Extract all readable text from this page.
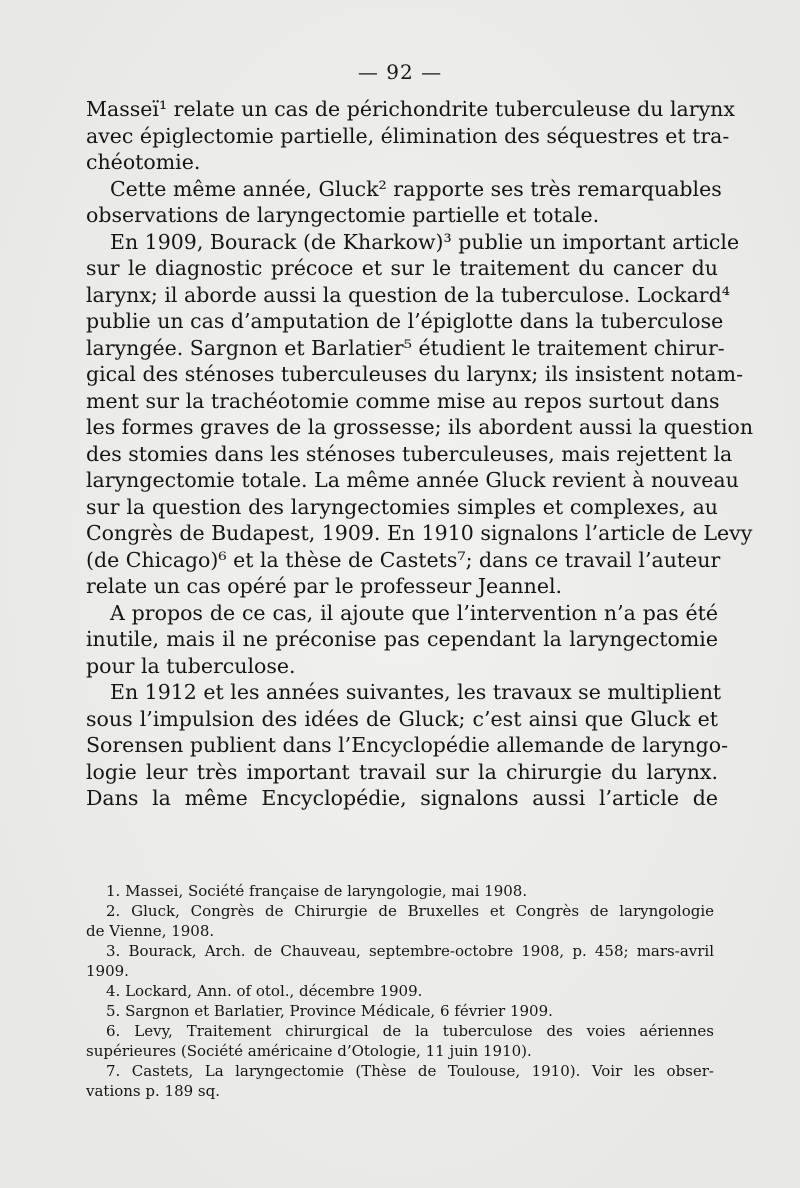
— 92 —
Masseï¹ relate un cas de périchondrite tuberculeuse du larynx
avec épiglectomie partielle, élimination des séquestres et tra-
chéotomie.
Cette même année, Gluck² rapporte ses très remarquables
observations de laryngectomie partielle et totale.
En 1909, Bourack (de Kharkow)³ publie un important article
sur le diagnostic précoce et sur le traitement du cancer du
larynx; il aborde aussi la question de la tuberculose. Lockard⁴
publie un cas d’amputation de l’épiglotte dans la tuberculose
laryngée. Sargnon et Barlatier⁵ étudient le traitement chirur-
gical des sténoses tuberculeuses du larynx; ils insistent notam-
ment sur la trachéotomie comme mise au repos surtout dans
les formes graves de la grossesse; ils abordent aussi la question
des stomies dans les sténoses tuberculeuses, mais rejettent la
laryngectomie totale. La même année Gluck revient à nouveau
sur la question des laryngectomies simples et complexes, au
Congrès de Budapest, 1909. En 1910 signalons l’article de Levy
(de Chicago)⁶ et la thèse de Castets⁷; dans ce travail l’auteur
relate un cas opéré par le professeur Jeannel.
A propos de ce cas, il ajoute que l’intervention n’a pas été
inutile, mais il ne préconise pas cependant la laryngectomie
pour la tuberculose.
En 1912 et les années suivantes, les travaux se multiplient
sous l’impulsion des idées de Gluck; c’est ainsi que Gluck et
Sorensen publient dans l’Encyclopédie allemande de laryngo-
logie leur très important travail sur la chirurgie du larynx.
Dans la même Encyclopédie, signalons aussi l’article de
1. Massei, Société française de laryngologie, mai 1908.
2. Gluck, Congrès de Chirurgie de Bruxelles et Congrès de laryngologie
de Vienne, 1908.
3. Bourack, Arch. de Chauveau, septembre-octobre 1908, p. 458; mars-avril
1909.
4. Lockard, Ann. of otol., décembre 1909.
5. Sargnon et Barlatier, Province Médicale, 6 février 1909.
6. Levy, Traitement chirurgical de la tuberculose des voies aériennes
supérieures (Société américaine d’Otologie, 11 juin 1910).
7. Castets, La laryngectomie (Thèse de Toulouse, 1910). Voir les obser-
vations p. 189 sq.
